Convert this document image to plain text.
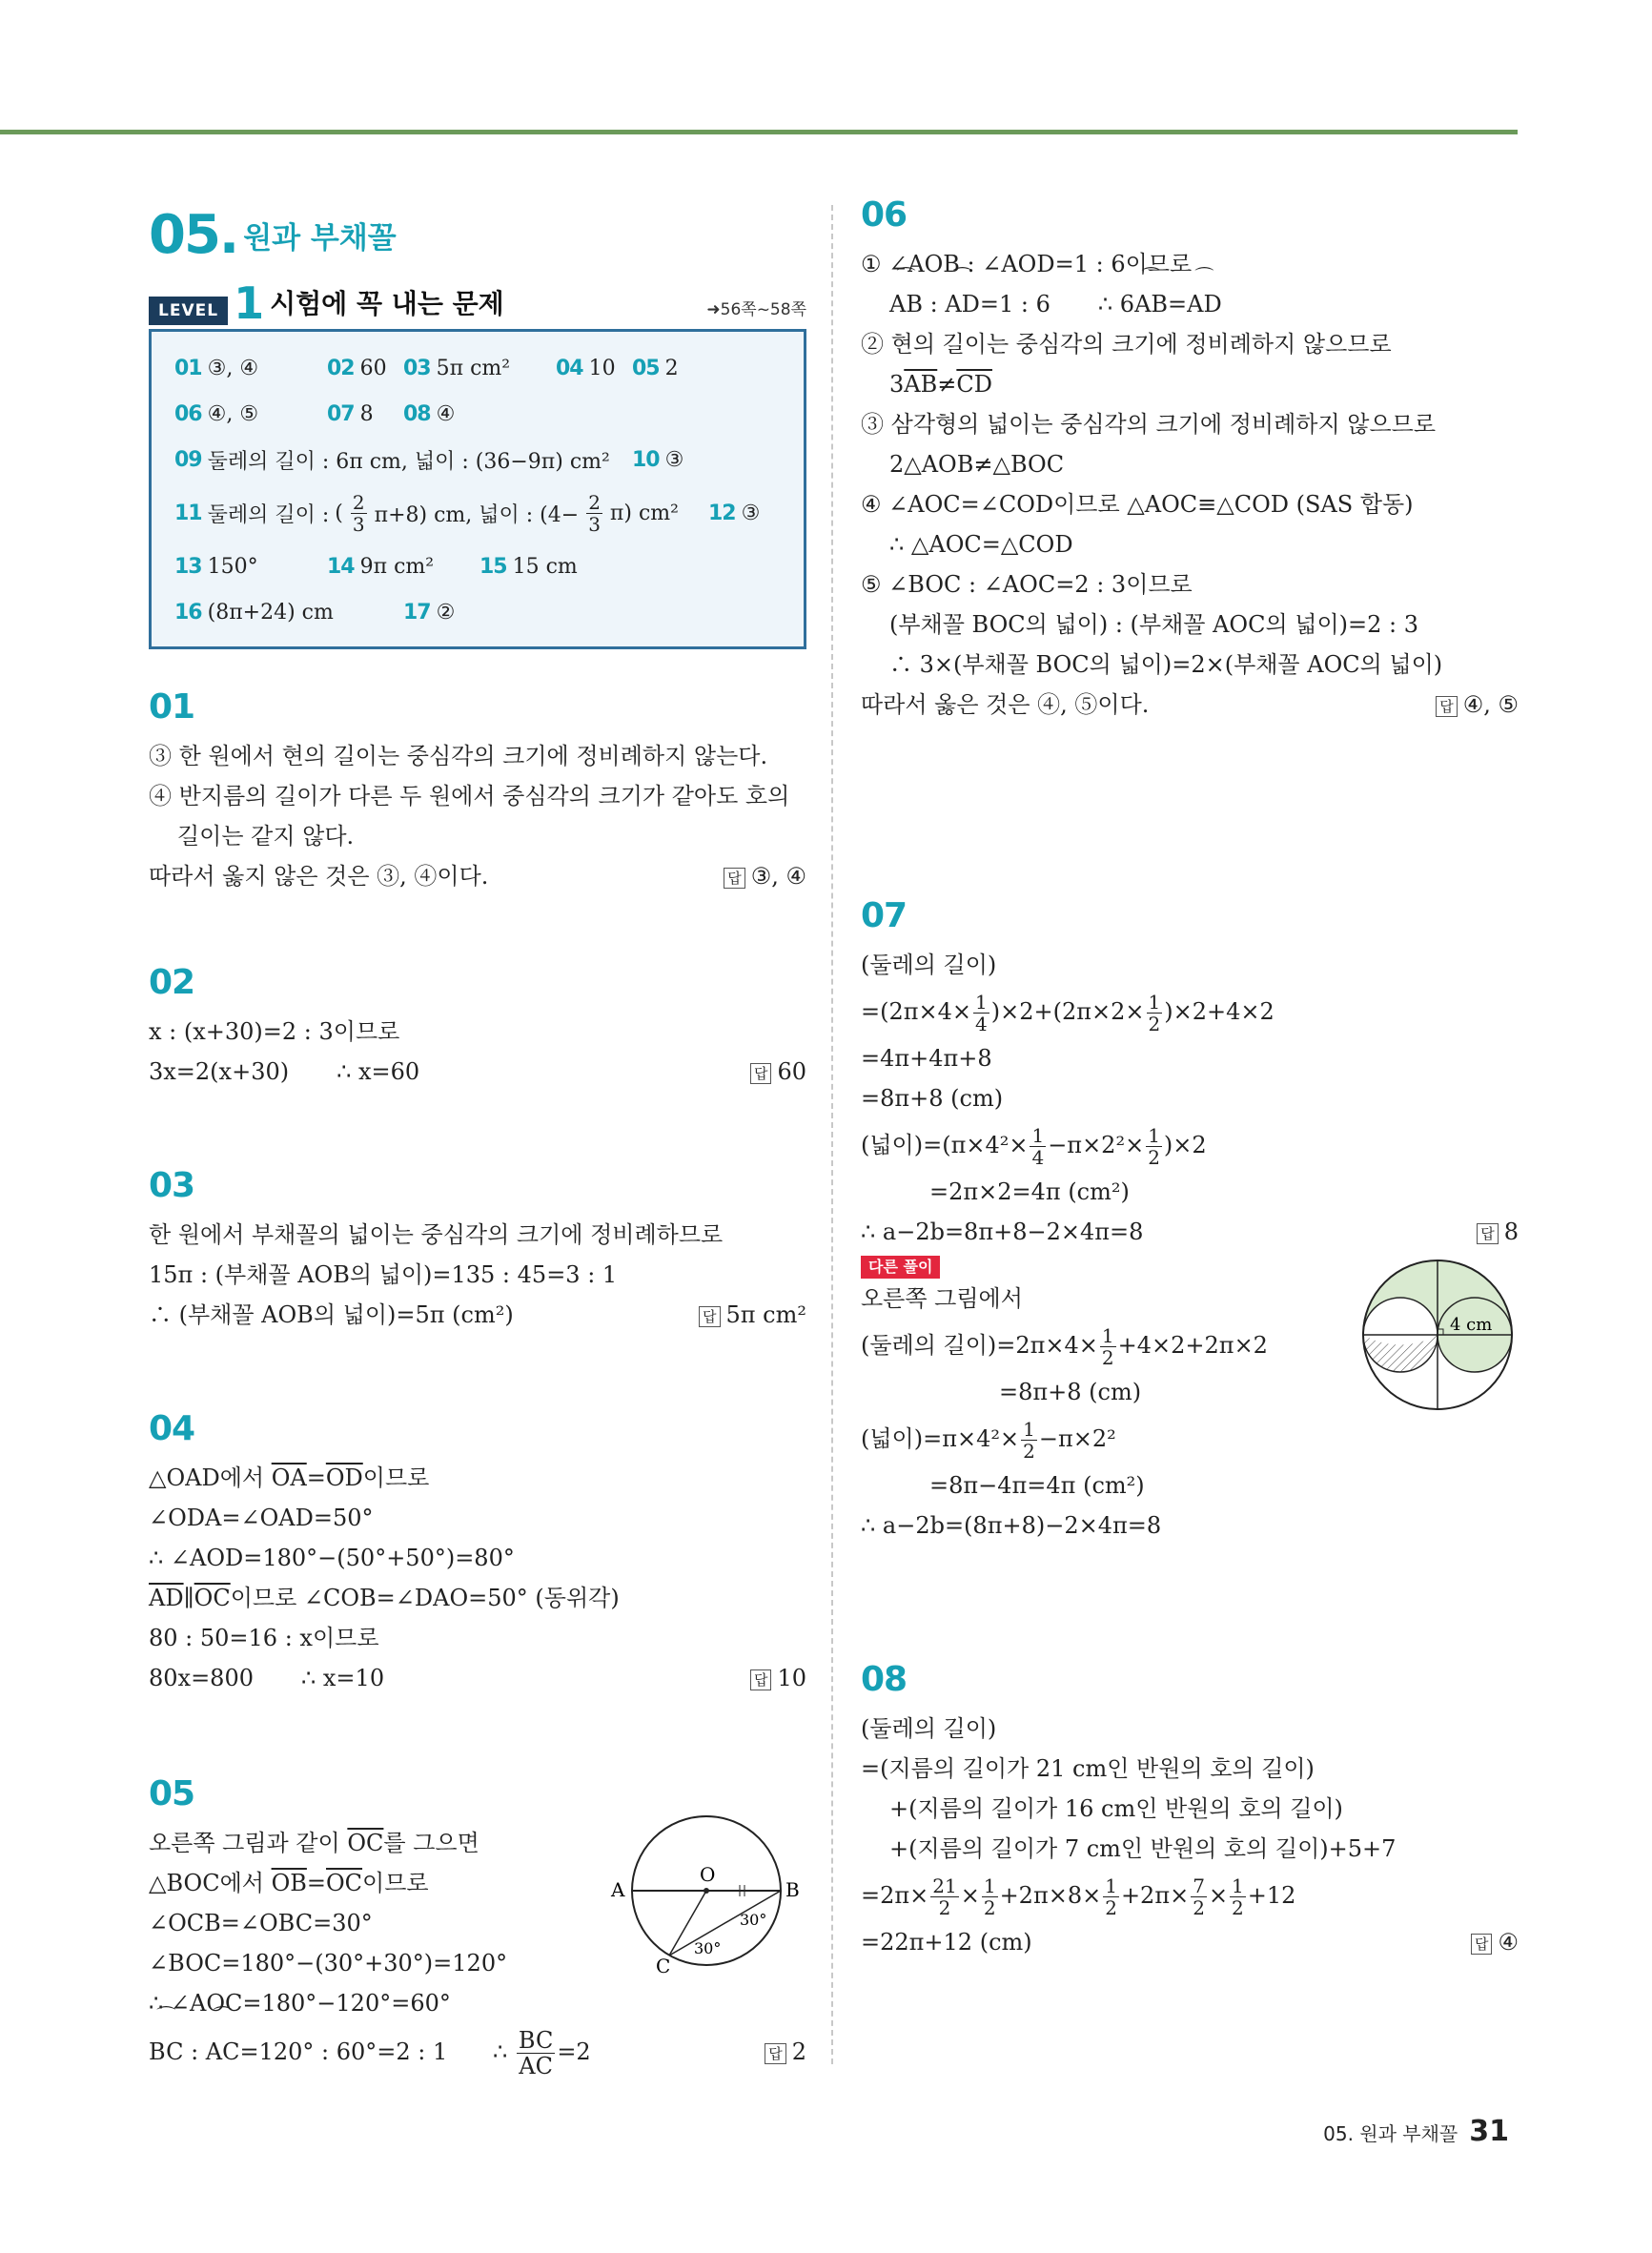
05. 원과 부채꼴
LEVEL 1 시험에 꼭 내는 문제	➜56쪽~58쪽
01 ③, ④	02 60 03 5π cm² 04 10 05 2
06 ④, ⑤	07 8 08 ④
09 둘레의 길이 : 6π cm, 넓이 : (36−9π) cm² 10 ③
11 둘레의 길이 : ( $\frac{2}{3} \pi+8$) cm, 넓이 : $(4- \frac{2}{3} \pi)$ cm² 12 ③
13 150°	14 9π cm² 15 15 cm
16 (8π+24) cm	17 ②
01
③ 한 원에서 현의 길이는 중심각의 크기에 정비례하지 않는다.
④ 반지름의 길이가 다른 두 원에서 중심각의 크기가 같아도 호의
길이는 같지 않다.
따라서 옳지 않은 것은 ③, ④이다.	답 ③, ④
02
x : (x+30)=2 : 3이므로
3x=2(x+30) ∴ x=60	답 60
03
한 원에서 부채꼴의 넓이는 중심각의 크기에 정비례하므로
15π : (부채꼴 AOB의 넓이)=135 : 45=3 : 1
∴ (부채꼴 AOB의 넓이)=5π (cm²)	답 5π cm²
04
△OAD에서 $\overline{OA}=\overline{OD}$이므로
∠ODA=∠OAD=50°
∴ ∠AOD=180°−(50°+50°)=80°
$\overline{AD}\parallel\overline{OC}$이므로 ∠COB=∠DAO=50° (동위각)
80 : 50=16 : x이므로
80x=800 ∴ x=10	답 10
05
오른쪽 그림과 같이 $\overline{OC}$를 그으면
△BOC에서 $\overline{OB}=\overline{OC}$이므로
∠OCB=∠OBC=30°
∠BOC=180°−(30°+30°)=120°
∴ ∠AOC=180°−120°=60°
⌒ BC : ⌒ AC=120° : 60°=2 : 1 ∴ $\frac{BC}{AC} =2$	답 2
A
O
B
C
30°
30°
06
① ∠AOB : ∠AOD=1 : 6이므로
⌒ AB : ⌒ AD=1 : 6 ∴ 6⌒ AB=⌒ AD
② 현의 길이는 중심각의 크기에 정비례하지 않으므로
$3\overline{AB}\ne\overline{CD}$
③ 삼각형의 넓이는 중심각의 크기에 정비례하지 않으므로
2△AOB≠△BOC
④ ∠AOC=∠COD이므로 △AOC≡△COD (SAS 합동)
∴ △AOC=△COD
⑤ ∠BOC : ∠AOC=2 : 3이므로
(부채꼴 BOC의 넓이) : (부채꼴 AOC의 넓이)=2 : 3
∴ 3×(부채꼴 BOC의 넓이)=2×(부채꼴 AOC의 넓이)
따라서 옳은 것은 ④, ⑤이다.	답 ④, ⑤
07
(둘레의 길이)
$=(2\pi\times 4\times \frac{1}{4} )\times 2+(2\pi\times 2\times \frac{1}{2} )\times 2+4\times 2$
=4π+4π+8
=8π+8 (cm)
(넓이)$=(\pi\times 4^2\times \frac{1}{4} -\pi\times 2^2\times \frac{1}{2} )\times 2$
=2π×2=4π (cm²)
∴ a−2b=8π+8−2×4π=8	답 8
다른 풀이
오른쪽 그림에서
(둘레의 길이)$=2\pi\times 4\times \frac{1}{2} +4\times 2+2\pi\times 2$
=8π+8 (cm)
(넓이)$=\pi\times 4^2\times \frac{1}{2} -\pi\times 2^2$
=8π−4π=4π (cm²)
∴ a−2b=(8π+8)−2×4π=8
4 cm
08
(둘레의 길이)
=(지름의 길이가 21 cm인 반원의 호의 길이)
+(지름의 길이가 16 cm인 반원의 호의 길이)
+(지름의 길이가 7 cm인 반원의 호의 길이)+5+7
$=2\pi\times \frac{21}{2} \times \frac{1}{2} +2\pi\times 8\times \frac{1}{2} +2\pi\times \frac{7}{2} \times \frac{1}{2} +12$
=22π+12 (cm)	답 ④
05. 원과 부채꼴 31
